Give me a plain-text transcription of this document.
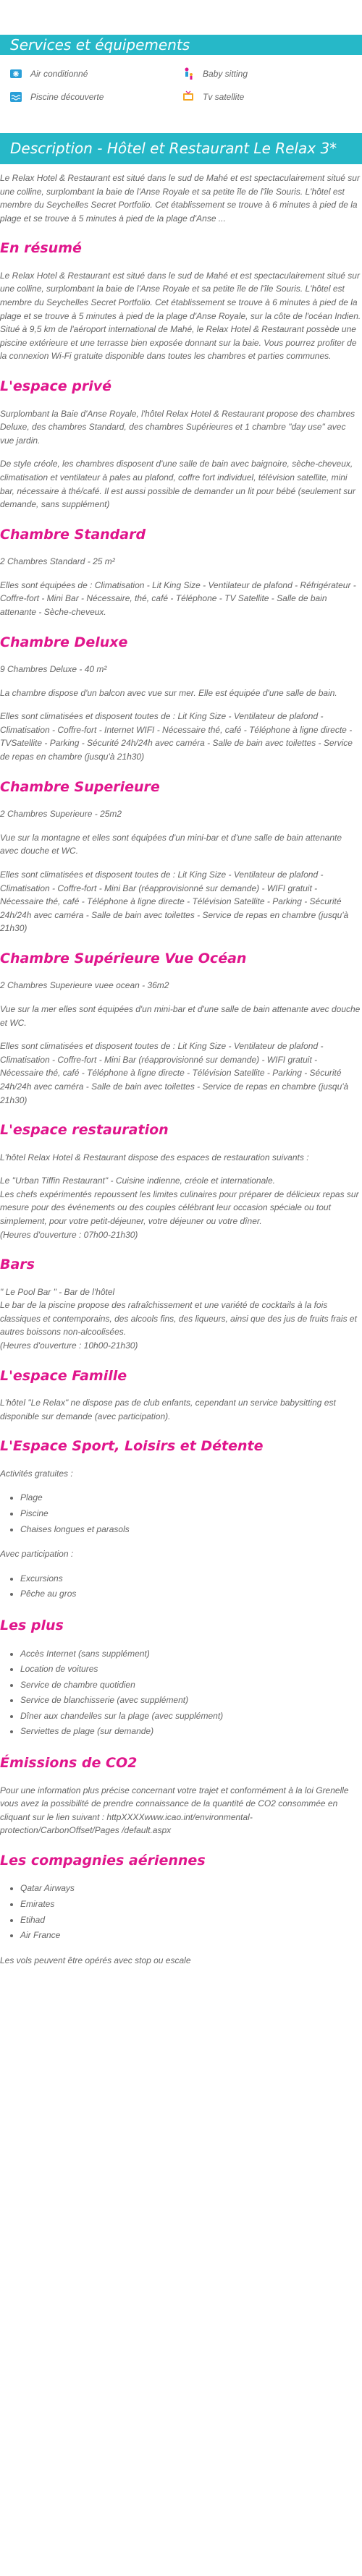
Services et équipements
Air conditionné	Baby sitting
Piscine découverte	Tv satellite
Description - Hôtel et Restaurant Le Relax 3*

Le Relax Hotel & Restaurant est situé dans le sud de Mahé et est spectaculairement situé sur une colline, surplombant la baie de l'Anse Royale et sa petite île de l'île Souris. L'hôtel est membre du Seychelles Secret Portfolio. Cet établissement se trouve à 6 minutes à pied de la plage et se trouve à 5 minutes à pied de la plage d'Anse ...

En résumé

Le Relax Hotel & Restaurant est situé dans le sud de Mahé et est spectaculairement situé sur une colline, surplombant la baie de l'Anse Royale et sa petite île de l'île Souris. L'hôtel est membre du Seychelles Secret Portfolio. Cet établissement se trouve à 6 minutes à pied de la plage et se trouve à 5 minutes à pied de la plage d'Anse Royale, sur la côte de l'océan Indien. Situé à 9,5 km de l'aéroport international de Mahé, le Relax Hotel & Restaurant possède une piscine extérieure et une terrasse bien exposée donnant sur la baie. Vous pourrez profiter de la connexion Wi-Fi gratuite disponible dans toutes les chambres et parties communes.

L'espace privé

Surplombant la Baie d'Anse Royale, l'hôtel Relax Hotel & Restaurant propose des chambres Deluxe, des chambres Standard, des chambres Supérieures et 1 chambre "day use" avec vue jardin.

De style créole, les chambres disposent d'une salle de bain avec baignoire, sèche-cheveux, climatisation et ventilateur à pales au plafond, coffre fort individuel, télévision satellite, mini bar, nécessaire à thé/café. Il est aussi possible de demander un lit pour bébé (seulement sur demande, sans supplément)

Chambre Standard

2 Chambres Standard - 25 m²

Elles sont équipées de : Climatisation - Lit King Size - Ventilateur de plafond - Réfrigérateur - Coffre-fort - Mini Bar - Nécessaire, thé, café - Téléphone - TV Satellite - Salle de bain attenante - Sèche-cheveux.

Chambre Deluxe

9 Chambres Deluxe - 40 m²

La chambre dispose d'un balcon avec vue sur mer. Elle est équipée d'une salle de bain.

Elles sont climatisées et disposent toutes de : Lit King Size - Ventilateur de plafond - Climatisation - Coffre-fort - Internet WIFI - Nécessaire thé, café - Téléphone à ligne directe - TVSatellite - Parking - Sécurité 24h/24h avec caméra - Salle de bain avec toilettes - Service de repas en chambre (jusqu'à 21h30)

Chambre Superieure

2 Chambres Superieure - 25m2

Vue sur la montagne et elles sont équipées d'un mini-bar et d'une salle de bain attenante avec douche et WC.

Elles sont climatisées et disposent toutes de : Lit King Size - Ventilateur de plafond - Climatisation - Coffre-fort - Mini Bar (réapprovisionné sur demande) - WIFI gratuit - Nécessaire thé, café - Téléphone à ligne directe - Télévision Satellite - Parking - Sécurité 24h/24h avec caméra - Salle de bain avec toilettes - Service de repas en chambre (jusqu'à 21h30)

Chambre Supérieure Vue Océan

2 Chambres Superieure vuee ocean - 36m2

Vue sur la mer elles sont équipées d'un mini-bar et d'une salle de bain attenante avec douche et WC.

Elles sont climatisées et disposent toutes de : Lit King Size - Ventilateur de plafond - Climatisation - Coffre-fort - Mini Bar (réapprovisionné sur demande) - WIFI gratuit - Nécessaire thé, café - Téléphone à ligne directe - Télévision Satellite - Parking - Sécurité 24h/24h avec caméra - Salle de bain avec toilettes - Service de repas en chambre (jusqu'à 21h30)

L'espace restauration

L'hôtel Relax Hotel & Restaurant dispose des espaces de restauration suivants :

Le "Urban Tiffin Restaurant" - Cuisine indienne, créole et internationale.
Les chefs expérimentés repoussent les limites culinaires pour préparer de délicieux repas sur mesure pour des événements ou des couples célébrant leur occasion spéciale ou tout simplement, pour votre petit-déjeuner, votre déjeuner ou votre dîner.
(Heures d'ouverture : 07h00-21h30)

Bars

" Le Pool Bar " - Bar de l'hôtel
Le bar de la piscine propose des rafraîchissement et une variété de cocktails à la fois classiques et contemporains, des alcools fins, des liqueurs, ainsi que des jus de fruits frais et autres boissons non-alcoolisées.
(Heures d'ouverture : 10h00-21h30)

L'espace Famille

L'hôtel "Le Relax" ne dispose pas de club enfants, cependant un service babysitting est disponible sur demande (avec participation).

L'Espace Sport, Loisirs et Détente

Activités gratuites :

• Plage
• Piscine
• Chaises longues et parasols

Avec participation :

• Excursions
• Pêche au gros
Les plus
• Accès Internet (sans supplément)
• Location de voitures
• Service de chambre quotidien
• Service de blanchisserie (avec supplément)
• Dîner aux chandelles sur la plage (avec supplément)
• Serviettes de plage (sur demande)
Émissions de CO2

Pour une information plus précise concernant votre trajet et conformément à la loi Grenelle vous avez la possibilité de prendre connaissance de la quantité de CO2 consommée en cliquant sur le lien suivant : httpXXXXwww.icao.int/environmental-protection/CarbonOffset/Pages /default.aspx

Les compagnies aériennes
• Qatar Airways
• Emirates
• Etihad
• Air France

Les vols peuvent être opérés avec stop ou escale
